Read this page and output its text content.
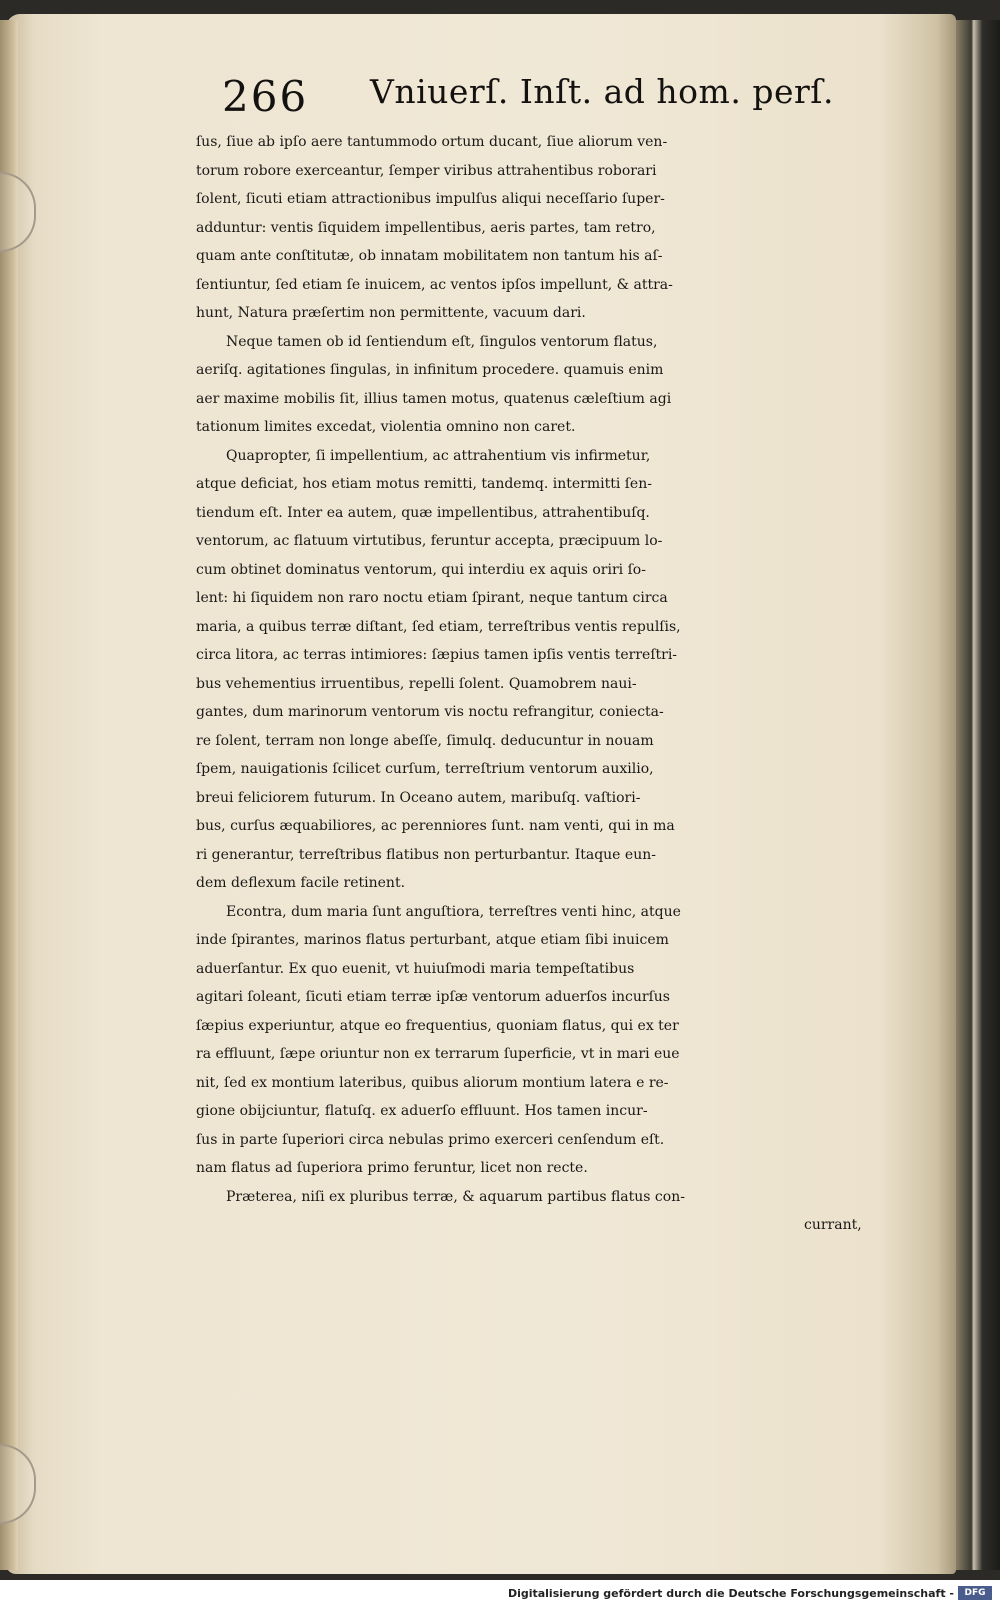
266 Vniuerſ. Inſt. ad hom. perſ.
ſus, ſiue ab ipſo aere tantummodo ortum ducant, ſiue aliorum ven-
torum robore exerceantur, ſemper viribus attrahentibus roborari
ſolent, ſicuti etiam attractionibus impulſus aliqui neceſſario ſuper-
adduntur: ventis ſiquidem impellentibus, aeris partes, tam retro,
quam ante conſtitutæ, ob innatam mobilitatem non tantum his aſ-
ſentiuntur, ſed etiam ſe inuicem, ac ventos ipſos impellunt, & attra-
hunt, Natura præſertim non permittente, vacuum dari.
Neque tamen ob id ſentiendum eſt, ſingulos ventorum flatus,
aeriſq. agitationes ſingulas, in infinitum procedere. quamuis enim
aer maxime mobilis ſit, illius tamen motus, quatenus cæleſtium agi
tationum limites excedat, violentia omnino non caret.
Quapropter, ſi impellentium, ac attrahentium vis infirmetur,
atque deficiat, hos etiam motus remitti, tandemq. intermitti ſen-
tiendum eſt. Inter ea autem, quæ impellentibus, attrahentibuſq.
ventorum, ac flatuum virtutibus, feruntur accepta, præcipuum lo-
cum obtinet dominatus ventorum, qui interdiu ex aquis oriri ſo-
lent: hi ſiquidem non raro noctu etiam ſpirant, neque tantum circa
maria, a quibus terræ diſtant, ſed etiam, terreſtribus ventis repulſis,
circa litora, ac terras intimiores: ſæpius tamen ipſis ventis terreſtri-
bus vehementius irruentibus, repelli ſolent. Quamobrem naui-
gantes, dum marinorum ventorum vis noctu refrangitur, coniecta-
re ſolent, terram non longe abeſſe, ſimulq. deducuntur in nouam
ſpem, nauigationis ſcilicet curſum, terreſtrium ventorum auxilio,
breui feliciorem futurum. In Oceano autem, maribuſq. vaſtiori-
bus, curſus æquabiliores, ac perenniores ſunt. nam venti, qui in ma
ri generantur, terreſtribus flatibus non perturbantur. Itaque eun-
dem deflexum facile retinent.
Econtra, dum maria ſunt anguſtiora, terreſtres venti hinc, atque
inde ſpirantes, marinos flatus perturbant, atque etiam ſibi inuicem
aduerſantur. Ex quo euenit, vt huiuſmodi maria tempeſtatibus
agitari ſoleant, ſicuti etiam terræ ipſæ ventorum aduerſos incurſus
ſæpius experiuntur, atque eo frequentius, quoniam flatus, qui ex ter
ra effluunt, ſæpe oriuntur non ex terrarum ſuperficie, vt in mari eue
nit, ſed ex montium lateribus, quibus aliorum montium latera e re-
gione obijciuntur, flatuſq. ex aduerſo effluunt. Hos tamen incur-
ſus in parte ſuperiori circa nebulas primo exerceri cenſendum eſt.
nam flatus ad ſuperiora primo feruntur, licet non recte.
Præterea, niſi ex pluribus terræ, & aquarum partibus flatus con-
currant,
Digitalisierung gefördert durch die Deutsche Forschungsgemeinschaft -	DFG
